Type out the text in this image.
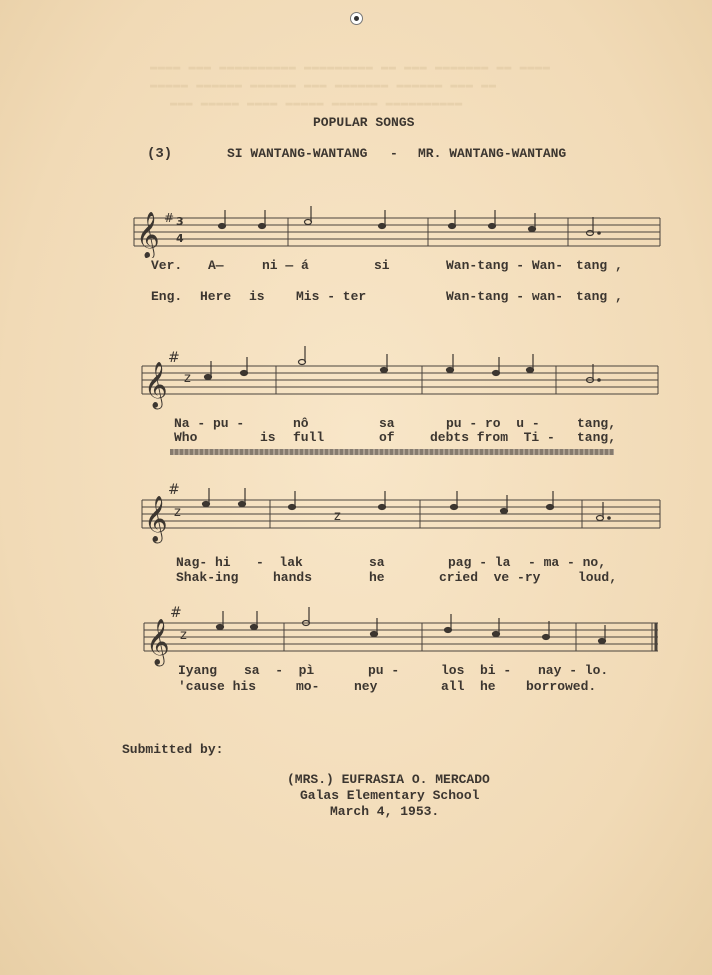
▬▬▬▬ ▬▬▬ ▬▬▬▬▬▬▬▬▬▬ ▬▬▬▬▬▬▬▬▬ ▬▬ ▬▬▬ ▬▬▬▬▬▬▬ ▬▬ ▬▬▬▬
▬▬▬▬▬ ▬▬▬▬▬▬ ▬▬▬▬▬▬ ▬▬▬ ▬▬▬▬▬▬▬ ▬▬▬▬▬▬ ▬▬▬ ▬▬
▬▬▬ ▬▬▬▬▬ ▬▬▬▬ ▬▬▬▬▬ ▬▬▬▬▬▬ ▬▬▬▬▬▬▬▬▬▬
POPULAR SONGS
(3)	SI WANTANG-WANTANG - MR. WANTANG-WANTANG
𝄞 # 3
4
Ver. A—	ni — á	si	Wan-tang - Wan- tang ,
Eng. Here is Mis - ter	Wan-tang - wan- tang ,
𝄞
#
z
Na - pu -	nô	sa	pu - ro  u -	tang,
Who	is full	of	debts from  Ti - tang,
𝄞
#
z	z
Nag- hi -  lak	sa	pag - la - ma - no,
Shak-ing	hands	he	cried  ve -ry	loud,
𝄞
#
z
Iyang sa  -  pì	pu -	los  bi - nay - lo.
'cause his	mo-	ney	all  he borrowed.
Submitted by:
(MRS.) EUFRASIA O. MERCADO
Galas Elementary School
March 4, 1953.
